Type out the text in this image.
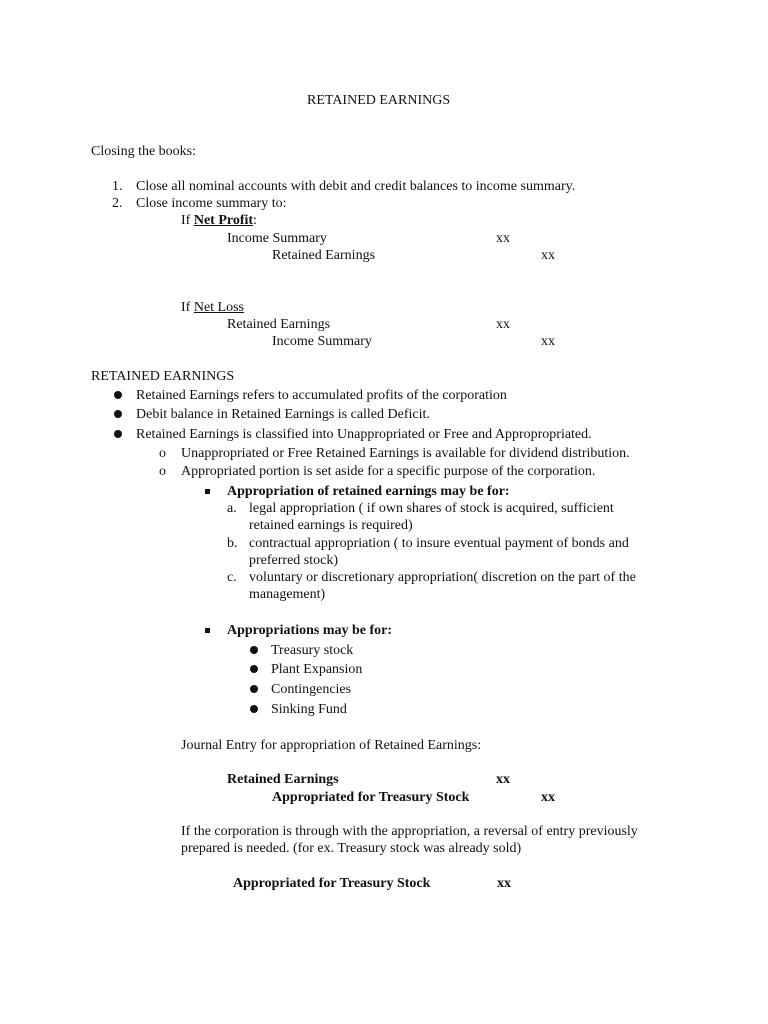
RETAINED EARNINGS
Closing the books:
1. Close all nominal accounts with debit and credit balances to income summary.
2. Close income summary to:
If Net Profit:
Income Summary	xx
Retained Earnings	xx
If Net Loss
Retained Earnings	xx
Income Summary	xx
RETAINED EARNINGS
Retained Earnings refers to accumulated profits of the corporation
Debit balance in Retained Earnings is called Deficit.
Retained Earnings is classified into Unappropriated or Free and Appropropriated.
o Unappropriated or Free Retained Earnings is available for dividend distribution.
o Appropriated portion is set aside for a specific purpose of the corporation.
Appropriation of retained earnings may be for:
a. legal appropriation ( if own shares of stock is acquired, sufficient
retained earnings is required)
b. contractual appropriation ( to insure eventual payment of bonds and
preferred stock)
c. voluntary or discretionary appropriation( discretion on the part of the
management)
Appropriations may be for:
Treasury stock
Plant Expansion
Contingencies
Sinking Fund
Journal Entry for appropriation of Retained Earnings:
Retained Earnings	xx
Appropriated for Treasury Stock	xx
If the corporation is through with the appropriation, a reversal of entry previously
prepared is needed. (for ex. Treasury stock was already sold)
Appropriated for Treasury Stock	xx
